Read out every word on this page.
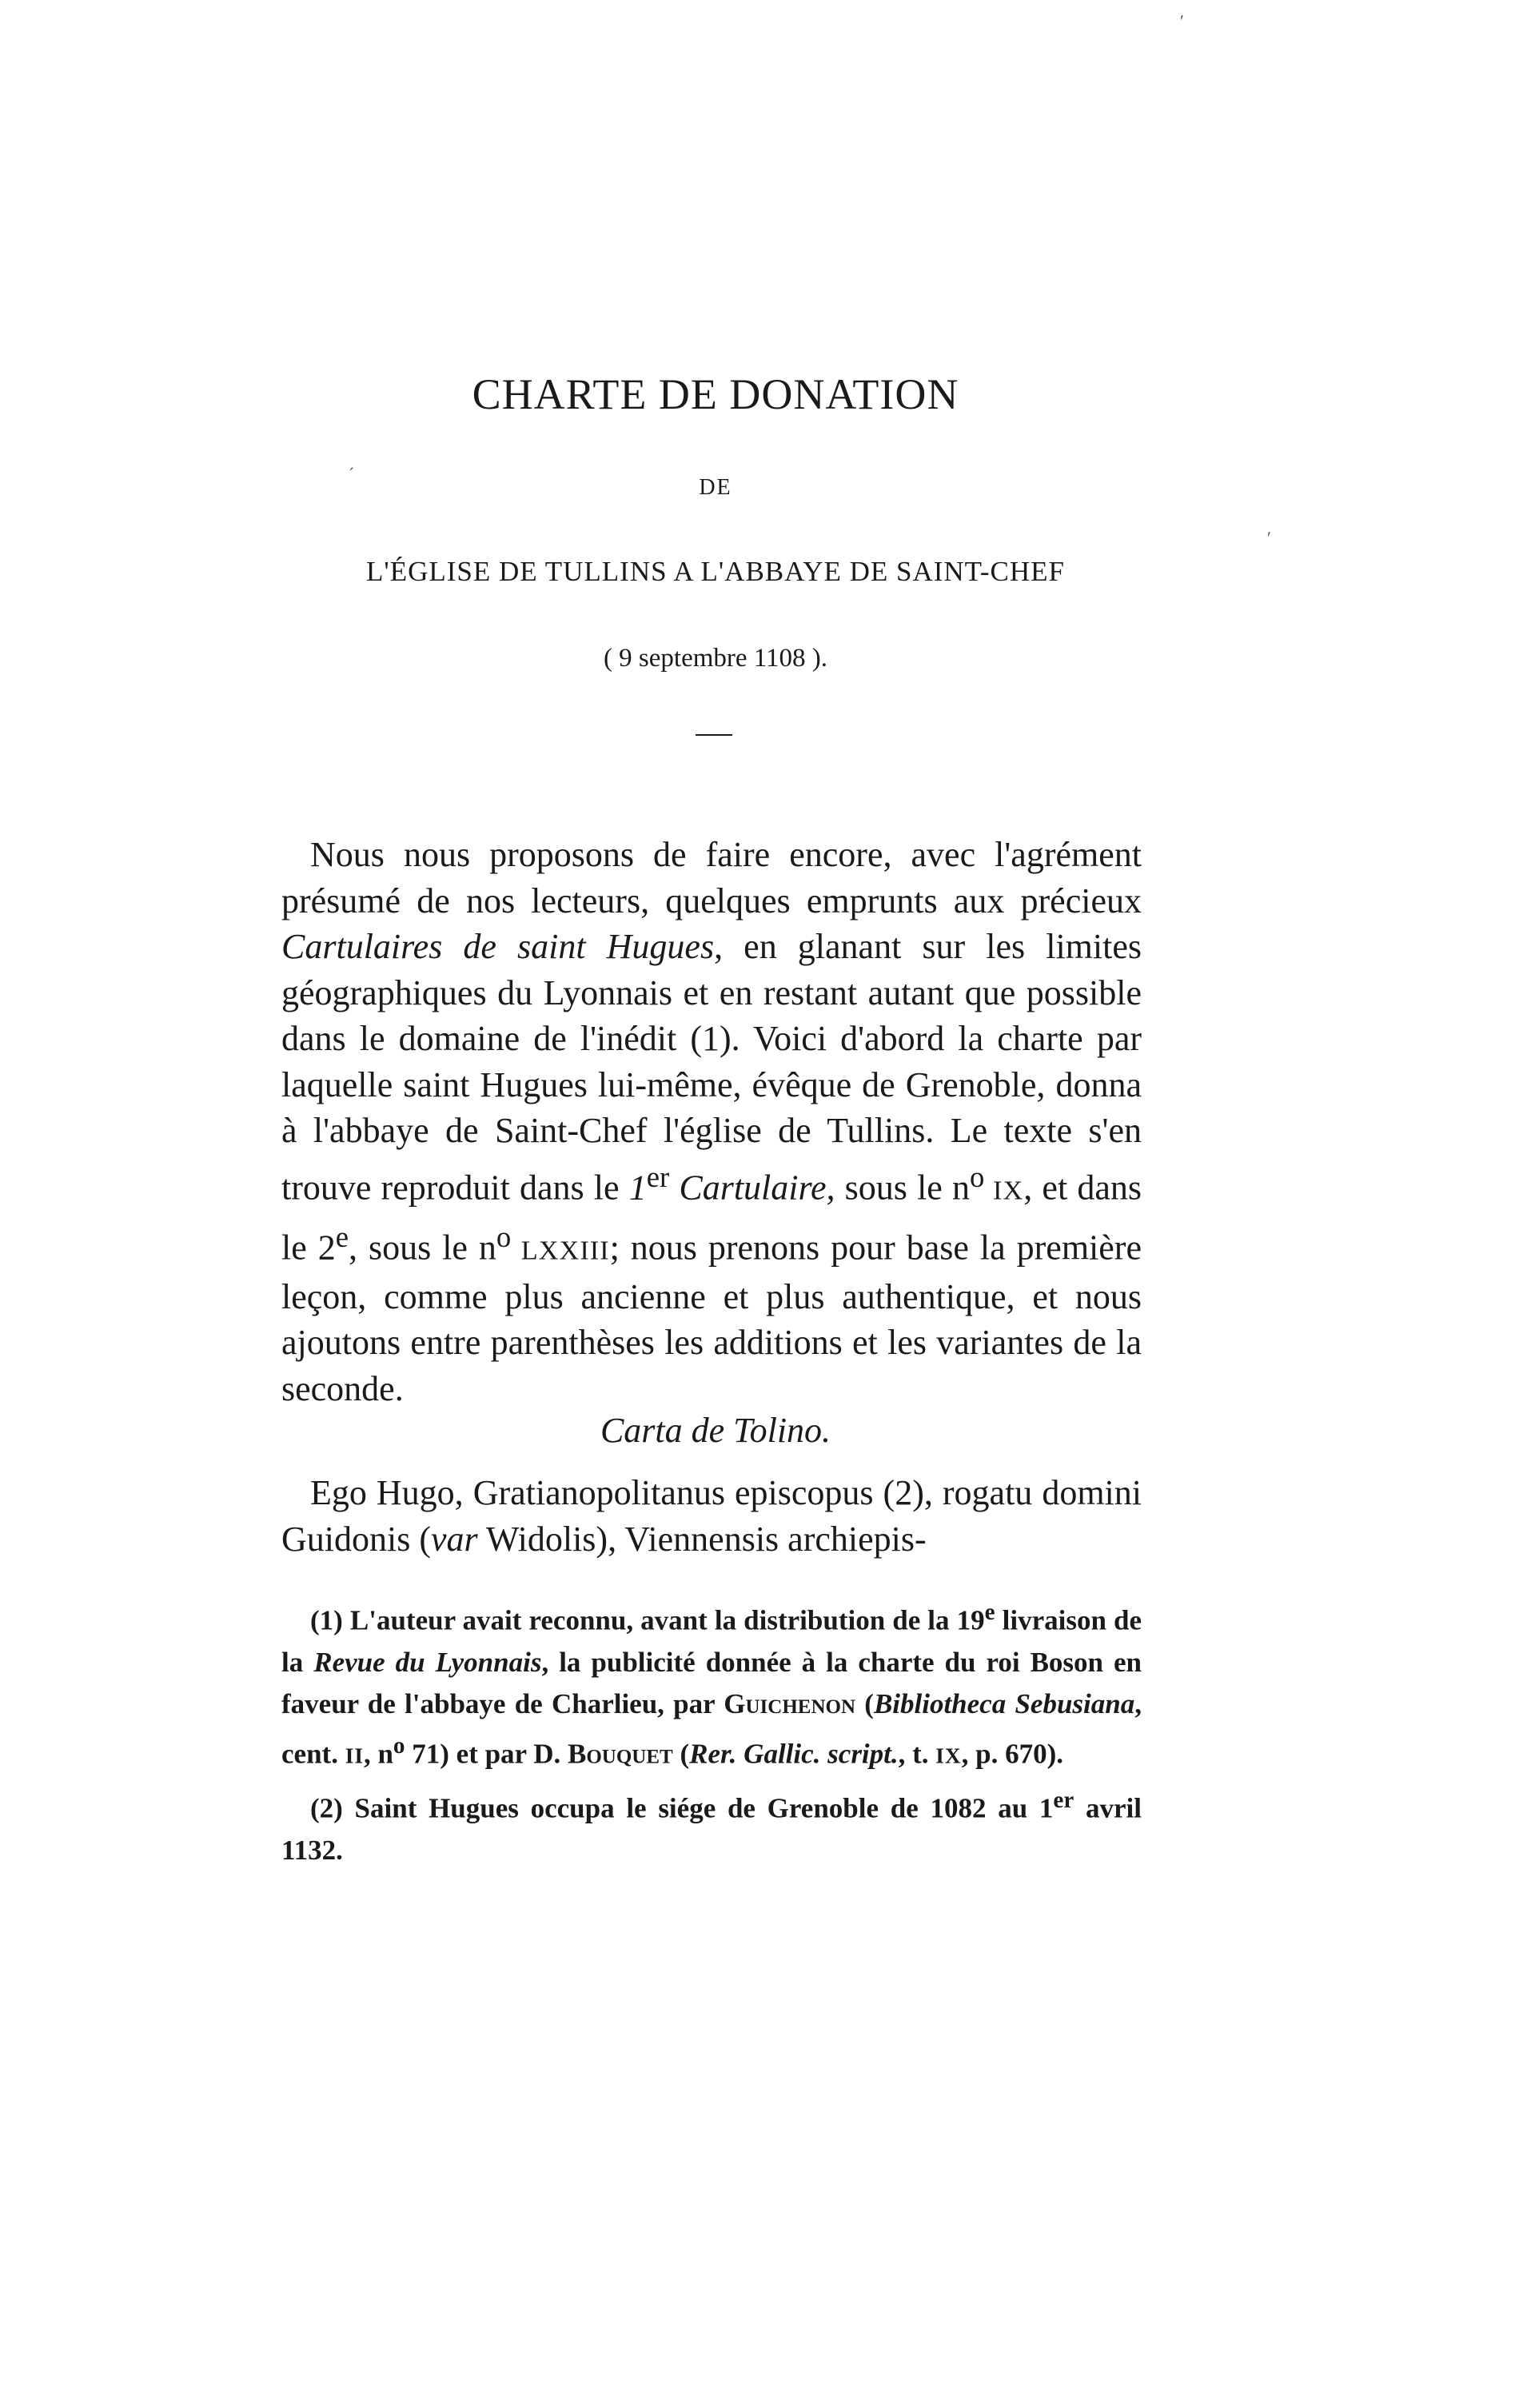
CHARTE DE DONATION
DE
L'ÉGLISE DE TULLINS A L'ABBAYE DE SAINT-CHEF
( 9 septembre 1108 ).

Nous nous proposons de faire encore, avec l'agrément présumé de nos lecteurs, quelques emprunts aux précieux Cartulaires de saint Hugues, en glanant sur les limites géographiques du Lyonnais et en restant autant que possible dans le domaine de l'inédit (1). Voici d'abord la charte par laquelle saint Hugues lui-même, évêque de Grenoble, donna à l'abbaye de Saint-Chef l'église de Tullins. Le texte s'en trouve reproduit dans le 1er Cartulaire, sous le $n^o$ IX, et dans le 2e, sous le $n^o$ LXXIII; nous prenons pour base la première leçon, comme plus ancienne et plus authentique, et nous ajoutons entre parenthèses les additions et les variantes de la seconde.

Carta de Tolino.

Ego Hugo, Gratianopolitanus episcopus (2), rogatu domini Guidonis (var Widolis), Viennensis archiepis-

(1) L'auteur avait reconnu, avant la distribution de la 19e livraison de la Revue du Lyonnais, la publicité donnée à la charte du roi Boson en faveur de l'abbaye de Charlieu, par Guichenon (Bibliotheca Sebusiana, cent. II, $n^o$ 71) et par D. Bouquet (Rer. Gallic. script., t. IX, p. 670).

(2) Saint Hugues occupa le siége de Grenoble de 1082 au 1er avril 1132.

ʹ
ʹ
ˊ
